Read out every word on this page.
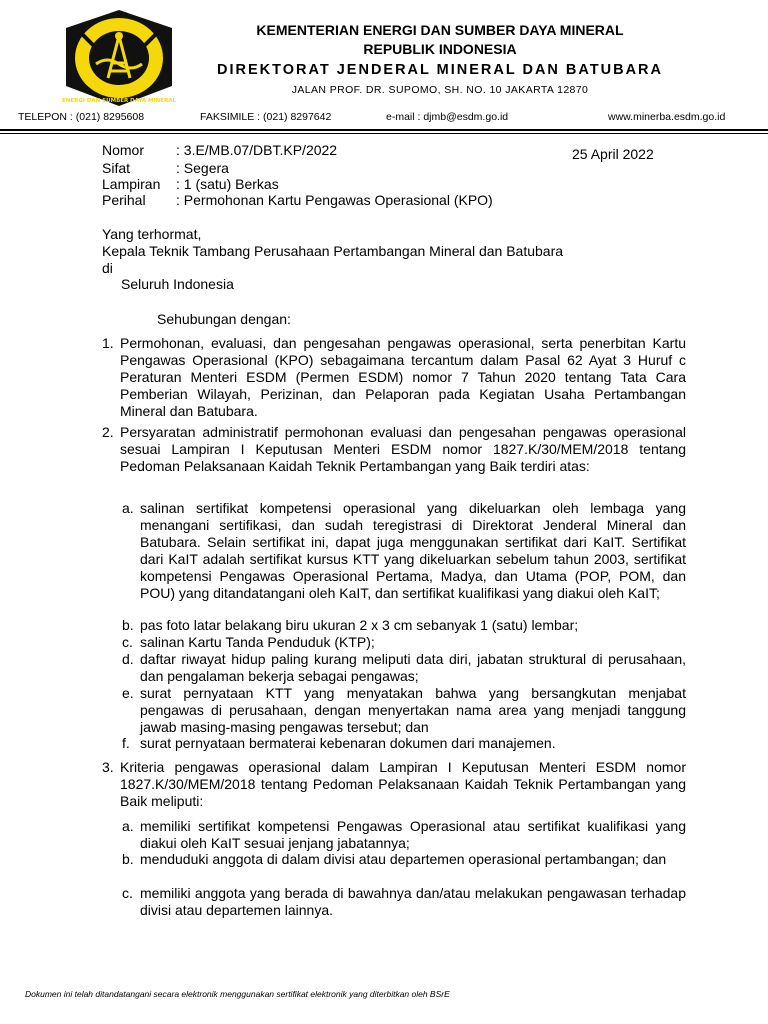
ENERGI DAN SUMBER DAYA MINERAL
KEMENTERIAN ENERGI DAN SUMBER DAYA MINERAL
REPUBLIK INDONESIA
DIREKTORAT JENDERAL MINERAL DAN BATUBARA
JALAN PROF. DR. SUPOMO, SH. NO. 10 JAKARTA 12870
TELEPON : (021) 8295608	FAKSIMILE : (021) 8297642	e-mail : djmb@esdm.go.id	www.minerba.esdm.go.id
Nomor : 3.E/MB.07/DBT.KP/2022
Sifat	: Segera
Lampiran : 1 (satu) Berkas
Perihal : Permohonan Kartu Pengawas Operasional (KPO)
25 April 2022
Yang terhormat,
Kepala Teknik Tambang Perusahaan Pertambangan Mineral dan Batubara
di
Seluruh Indonesia
Sehubungan dengan:
1. Permohonan, evaluasi, dan pengesahan pengawas operasional, serta penerbitan Kartu Pengawas Operasional (KPO) sebagaimana tercantum dalam Pasal 62 Ayat 3 Huruf c Peraturan Menteri ESDM (Permen ESDM) nomor 7 Tahun 2020 tentang Tata Cara Pemberian Wilayah, Perizinan, dan Pelaporan pada Kegiatan Usaha Pertambangan Mineral dan Batubara.
2. Persyaratan administratif permohonan evaluasi dan pengesahan pengawas operasional sesuai Lampiran I Keputusan Menteri ESDM nomor 1827.K/30/MEM/2018 tentang Pedoman Pelaksanaan Kaidah Teknik Pertambangan yang Baik terdiri atas:
a. salinan sertifikat kompetensi operasional yang dikeluarkan oleh lembaga yang menangani sertifikasi, dan sudah teregistrasi di Direktorat Jenderal Mineral dan Batubara. Selain sertifikat ini, dapat juga menggunakan sertifikat dari KaIT. Sertifikat dari KaIT adalah sertifikat kursus KTT yang dikeluarkan sebelum tahun 2003, sertifikat kompetensi Pengawas Operasional Pertama, Madya, dan Utama (POP, POM, dan POU) yang ditandatangani oleh KaIT, dan sertifikat kualifikasi yang diakui oleh KaIT;
b. pas foto latar belakang biru ukuran 2 x 3 cm sebanyak 1 (satu) lembar;
c. salinan Kartu Tanda Penduduk (KTP);
d. daftar riwayat hidup paling kurang meliputi data diri, jabatan struktural di perusahaan, dan pengalaman bekerja sebagai pengawas;
e. surat pernyataan KTT yang menyatakan bahwa yang bersangkutan menjabat pengawas di perusahaan, dengan menyertakan nama area yang menjadi tanggung jawab masing-masing pengawas tersebut; dan
f. surat pernyataan bermaterai kebenaran dokumen dari manajemen.
3. Kriteria pengawas operasional dalam Lampiran I Keputusan Menteri ESDM nomor 1827.K/30/MEM/2018 tentang Pedoman Pelaksanaan Kaidah Teknik Pertambangan yang Baik meliputi:
a. memiliki sertifikat kompetensi Pengawas Operasional atau sertifikat kualifikasi yang diakui oleh KaIT sesuai jenjang jabatannya;
b. menduduki anggota di dalam divisi atau departemen operasional pertambangan; dan
c. memiliki anggota yang berada di bawahnya dan/atau melakukan pengawasan terhadap divisi atau departemen lainnya.
Dokumen ini telah ditandatangani secara elektronik menggunakan sertifikat elektronik yang diterbitkan oleh BSrE
